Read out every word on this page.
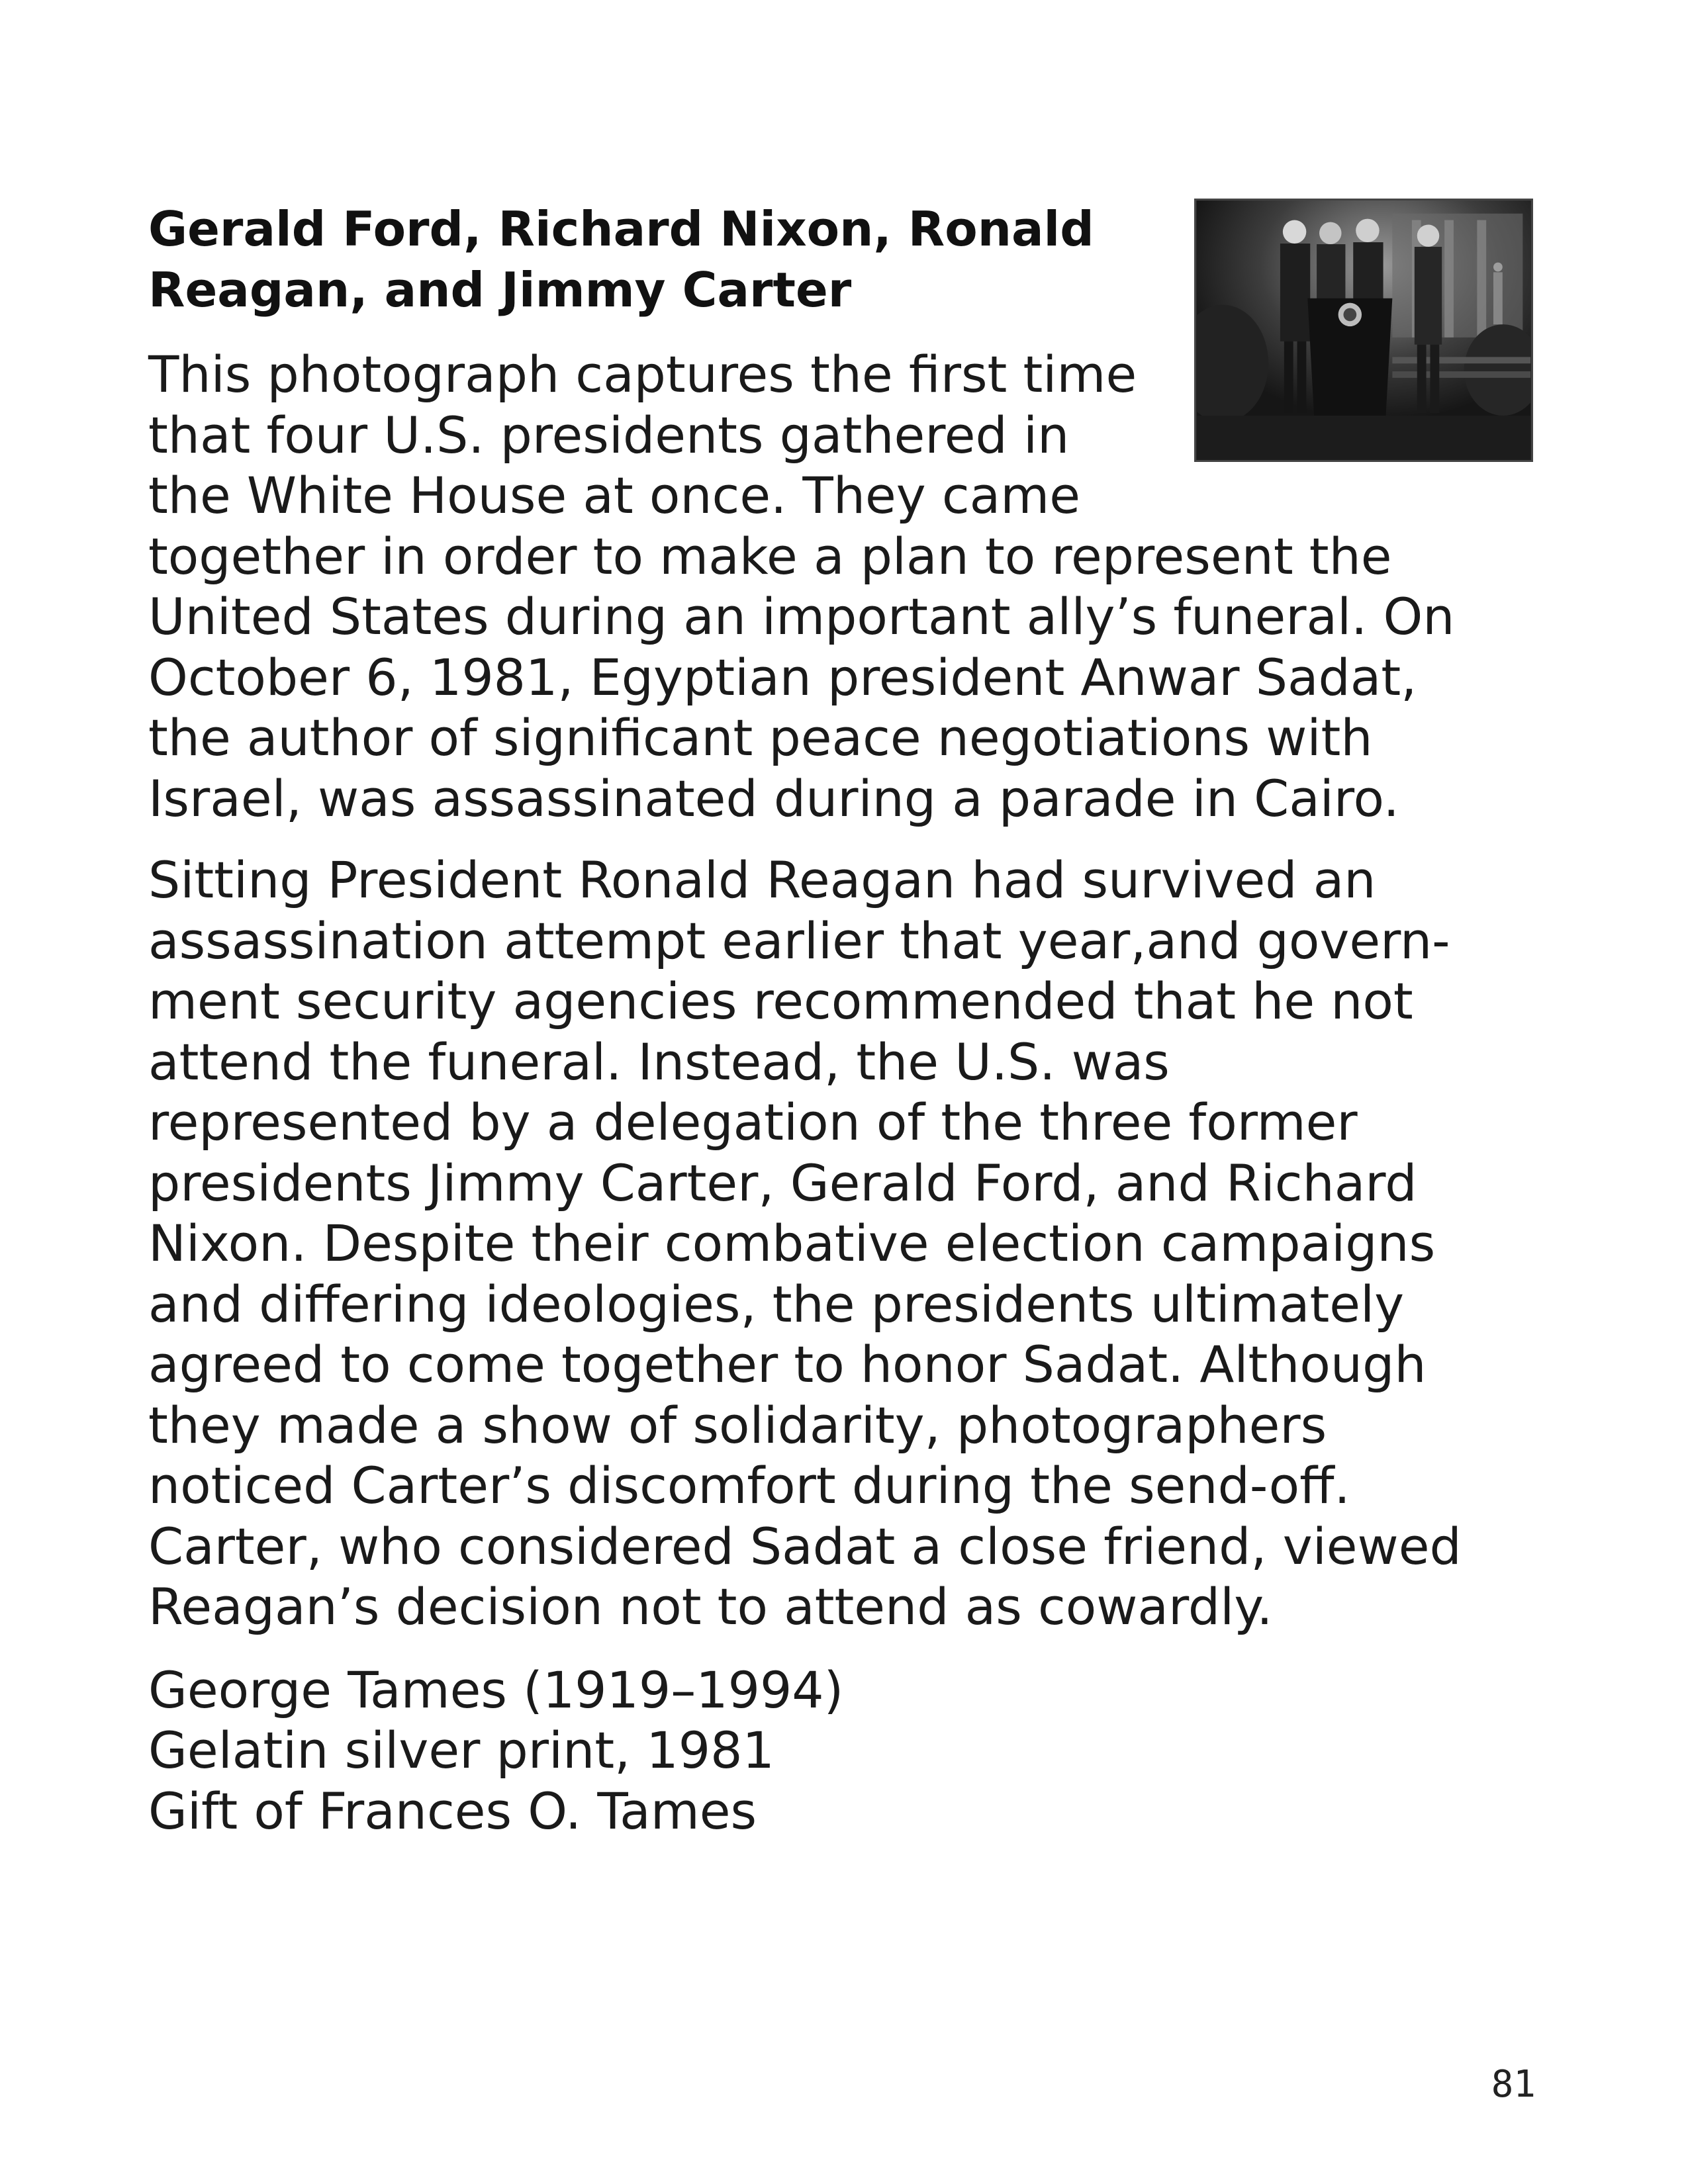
Gerald Ford, Richard Nixon, Ronald
Reagan, and Jimmy Carter

This photograph captures the first time
that four U.S. presidents gathered in
the White House at once. They came
together in order to make a plan to represent the
United States during an important ally’s funeral. On
October 6, 1981, Egyptian president Anwar Sadat,
the author of significant peace negotiations with
Israel, was assassinated during a parade in Cairo.

Sitting President Ronald Reagan had survived an
assassination attempt earlier that year,and govern-
ment security agencies recommended that he not
attend the funeral. Instead, the U.S. was
represented by a delegation of the three former
presidents Jimmy Carter, Gerald Ford, and Richard
Nixon. Despite their combative election campaigns
and differing ideologies, the presidents ultimately
agreed to come together to honor Sadat. Although
they made a show of solidarity, photographers
noticed Carter’s discomfort during the send-off.
Carter, who considered Sadat a close friend, viewed
Reagan’s decision not to attend as cowardly.

George Tames (1919–1994)
Gelatin silver print, 1981
Gift of Frances O. Tames
81
